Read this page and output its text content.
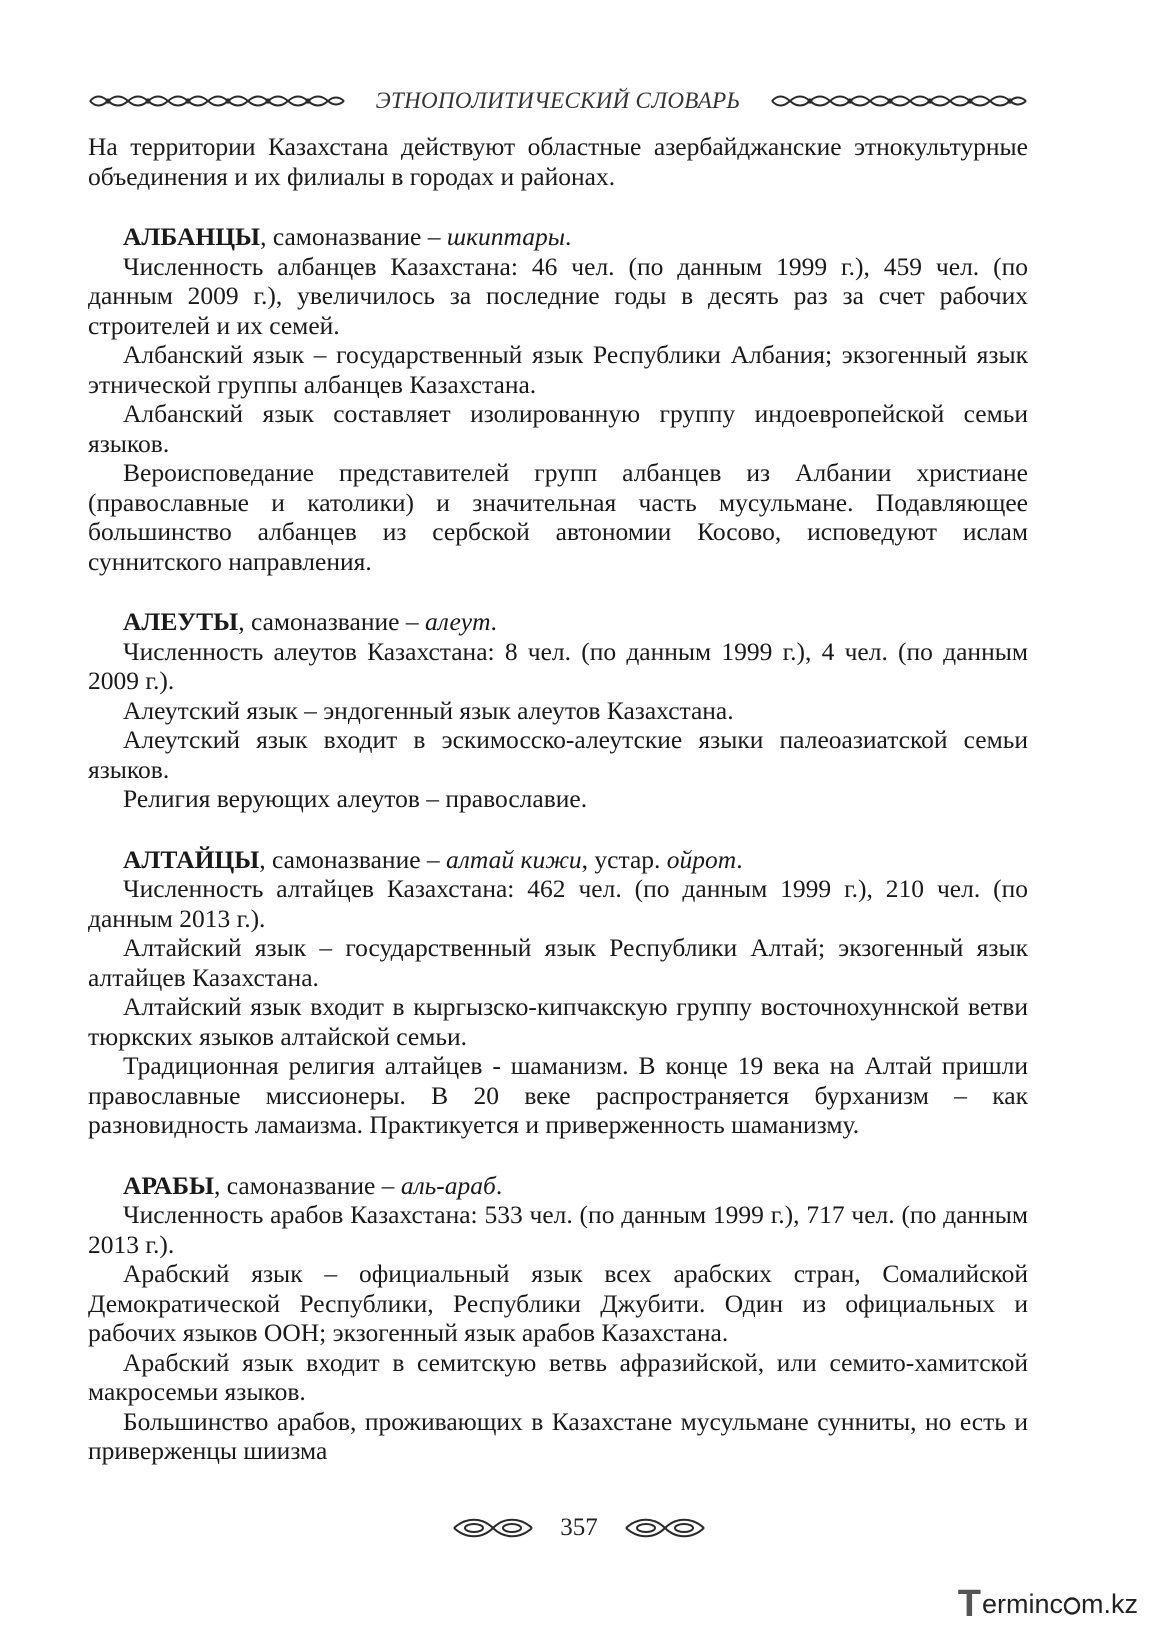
ЭТНОПОЛИТИЧЕСКИЙ СЛОВАРЬ

На территории Казахстана действуют областные азербайджанские этнокультурные объединения и их филиалы в городах и районах.

АЛБАНЦЫ, самоназвание – шкиптары.

Численность албанцев Казахстана: 46 чел. (по данным 1999 г.), 459 чел. (по данным 2009 г.), увеличилось за последние годы в десять раз за счет рабочих строителей и их семей.

Албанский язык – государственный язык Республики Албания; экзогенный язык этнической группы албанцев Казахстана.

Албанский язык составляет изолированную группу индоевропейской семьи языков.

Вероисповедание представителей групп албанцев из Албании христиане (православные и католики) и значительная часть мусульмане. Подавляющее большинство албанцев из сербской автономии Косово, исповедуют ислам суннитского направления.

АЛЕУТЫ, самоназвание – алеут.

Численность алеутов Казахстана: 8 чел. (по данным 1999 г.), 4 чел. (по данным 2009 г.).

Алеутский язык – эндогенный язык алеутов Казахстана.

Алеутский язык входит в эскимосско-алеутские языки палеоазиатской семьи языков.

Религия верующих алеутов – православие.

АЛТАЙЦЫ, самоназвание – алтай кижи, устар. ойрот.

Численность алтайцев Казахстана: 462 чел. (по данным 1999 г.), 210 чел. (по данным 2013 г.).

Алтайский язык – государственный язык Республики Алтай; экзогенный язык алтайцев Казахстана.

Алтайский язык входит в кыргызско-кипчакскую группу восточнохуннской ветви тюркских языков алтайской семьи.

Традиционная религия алтайцев - шаманизм. В конце 19 века на Алтай пришли православные миссионеры. В 20 веке распространяется бурханизм – как разновидность ламаизма. Практикуется и приверженность шаманизму.

АРАБЫ, самоназвание – аль-араб.

Численность арабов Казахстана: 533 чел. (по данным 1999 г.), 717 чел. (по данным 2013 г.).

Арабский язык – официальный язык всех арабских стран, Сомалийской Демократической Республики, Республики Джубити. Один из официальных и рабочих языков ООН; экзогенный язык арабов Казахстана.

Арабский язык входит в семитскую ветвь афразийской, или семито-хамитской макросемьи языков.

Большинство арабов, проживающих в Казахстане мусульмане сунниты, но есть и приверженцы шиизма

357
T erminc m.kz
